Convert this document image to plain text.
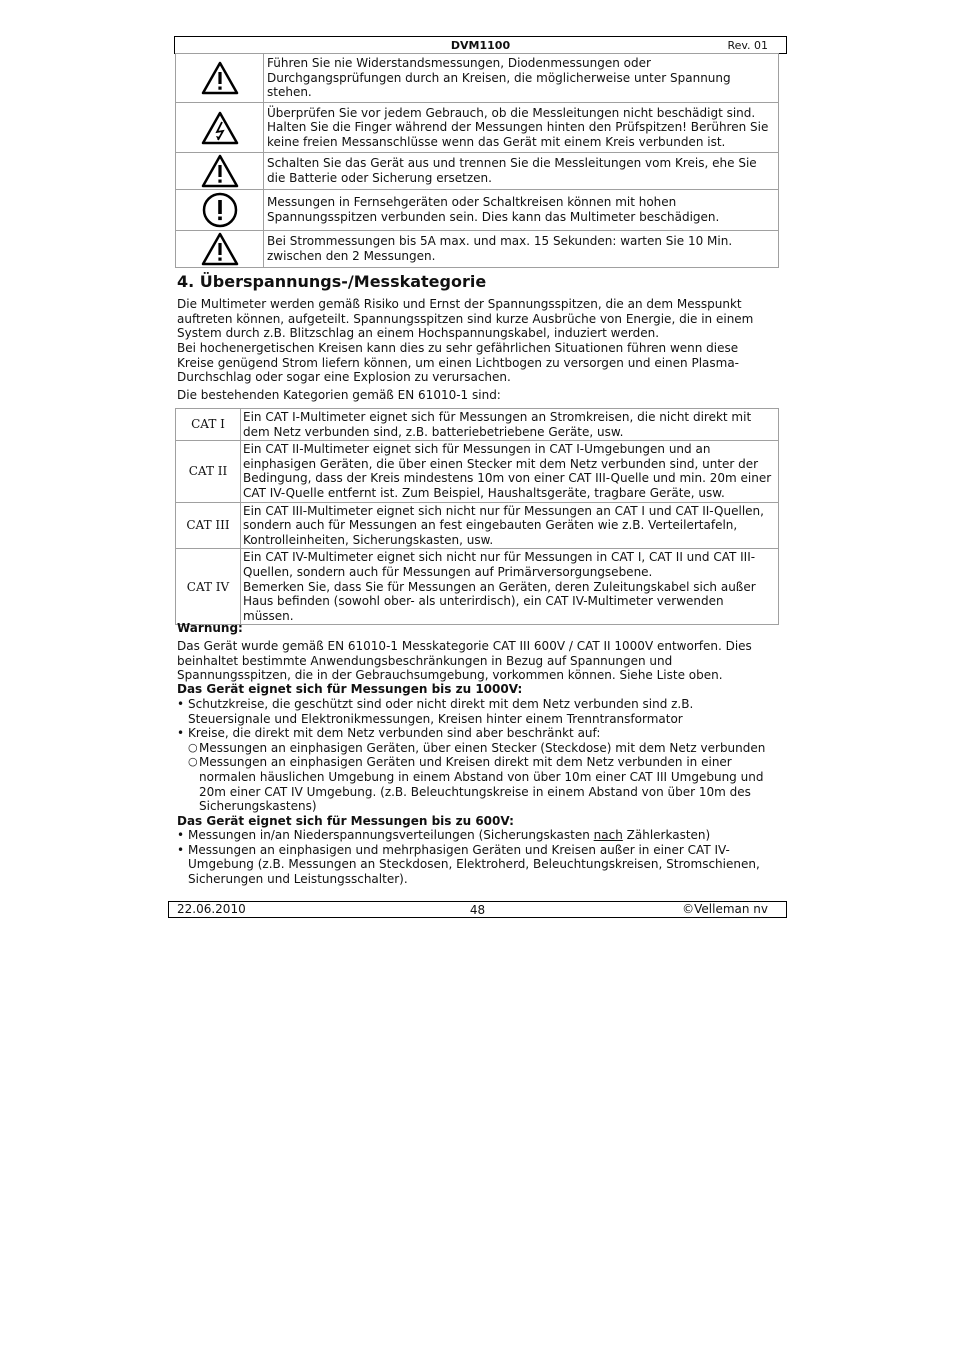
DVM1100	Rev. 01
	Führen Sie nie Widerstandsmessungen, Diodenmessungen oder Durchgangsprüfungen durch an Kreisen, die möglicherweise unter Spannung stehen.

	Überprüfen Sie vor jedem Gebrauch, ob die Messleitungen nicht beschädigt sind. Halten Sie die Finger während der Messungen hinten den Prüfspitzen! Berühren Sie keine freien Messanschlüsse wenn das Gerät mit einem Kreis verbunden ist.

	Schalten Sie das Gerät aus und trennen Sie die Messleitungen vom Kreis, ehe Sie die Batterie oder Sicherung ersetzen.

	Messungen in Fernsehgeräten oder Schaltkreisen können mit hohen Spannungsspitzen verbunden sein. Dies kann das Multimeter beschädigen.

	Bei Strommessungen bis 5A max. und max. 15 Sekunden: warten Sie 10 Min. zwischen den 2 Messungen.
4. Überspannungs-/Messkategorie
Die Multimeter werden gemäß Risiko und Ernst der Spannungsspitzen, die an dem Messpunkt auftreten können, aufgeteilt. Spannungsspitzen sind kurze Ausbrüche von Energie, die in einem System durch z.B. Blitzschlag an einem Hochspannungskabel, induziert werden.
Bei hochenergetischen Kreisen kann dies zu sehr gefährlichen Situationen führen wenn diese Kreise genügend Strom liefern können, um einen Lichtbogen zu versorgen und einen Plasma-Durchschlag oder sogar eine Explosion zu verursachen.
Die bestehenden Kategorien gemäß EN 61010-1 sind:
CAT I	Ein CAT I-Multimeter eignet sich für Messungen an Stromkreisen, die nicht direkt mit dem Netz verbunden sind, z.B. batteriebetriebene Geräte, usw.
CAT II	Ein CAT II-Multimeter eignet sich für Messungen in CAT I-Umgebungen und an einphasigen Geräten, die über einen Stecker mit dem Netz verbunden sind, unter der Bedingung, dass der Kreis mindestens 10m von einer CAT III-Quelle und min. 20m einer CAT IV-Quelle entfernt ist. Zum Beispiel, Haushaltsgeräte, tragbare Geräte, usw.
CAT III	Ein CAT III-Multimeter eignet sich nicht nur für Messungen an CAT I und CAT II-Quellen, sondern auch für Messungen an fest eingebauten Geräten wie z.B. Verteilertafeln, Kontrolleinheiten, Sicherungskasten, usw.
CAT IV	Ein CAT IV-Multimeter eignet sich nicht nur für Messungen in CAT I, CAT II und CAT III-Quellen, sondern auch für Messungen auf Primärversorgungsebene.
Bemerken Sie, dass Sie für Messungen an Geräten, deren Zuleitungskabel sich außer Haus befinden (sowohl ober- als unterirdisch), ein CAT IV-Multimeter verwenden müssen.
Warnung:
Das Gerät wurde gemäß EN 61010-1 Messkategorie CAT III 600V / CAT II 1000V entworfen. Dies beinhaltet bestimmte Anwendungsbeschränkungen in Bezug auf Spannungen und Spannungsspitzen, die in der Gebrauchsumgebung, vorkommen können. Siehe Liste oben.
Das Gerät eignet sich für Messungen bis zu 1000V:
• Schutzkreise, die geschützt sind oder nicht direkt mit dem Netz verbunden sind z.B. Steuersignale und Elektronikmessungen, Kreisen hinter einem Trenntransformator
• Kreise, die direkt mit dem Netz verbunden sind aber beschränkt auf:
○ Messungen an einphasigen Geräten, über einen Stecker (Steckdose) mit dem Netz verbunden
○ Messungen an einphasigen Geräten und Kreisen direkt mit dem Netz verbunden in einer normalen häuslichen Umgebung in einem Abstand von über 10m einer CAT III Umgebung und 20m einer CAT IV Umgebung. (z.B. Beleuchtungskreise in einem Abstand von über 10m des Sicherungskastens)
Das Gerät eignet sich für Messungen bis zu 600V:
• Messungen in/an Niederspannungsverteilungen (Sicherungskasten nach Zählerkasten)
• Messungen an einphasigen und mehrphasigen Geräten und Kreisen außer in einer CAT IV-Umgebung (z.B. Messungen an Steckdosen, Elektroherd, Beleuchtungskreisen, Stromschienen, Sicherungen und Leistungsschalter).
22.06.2010	48	©Velleman nv
